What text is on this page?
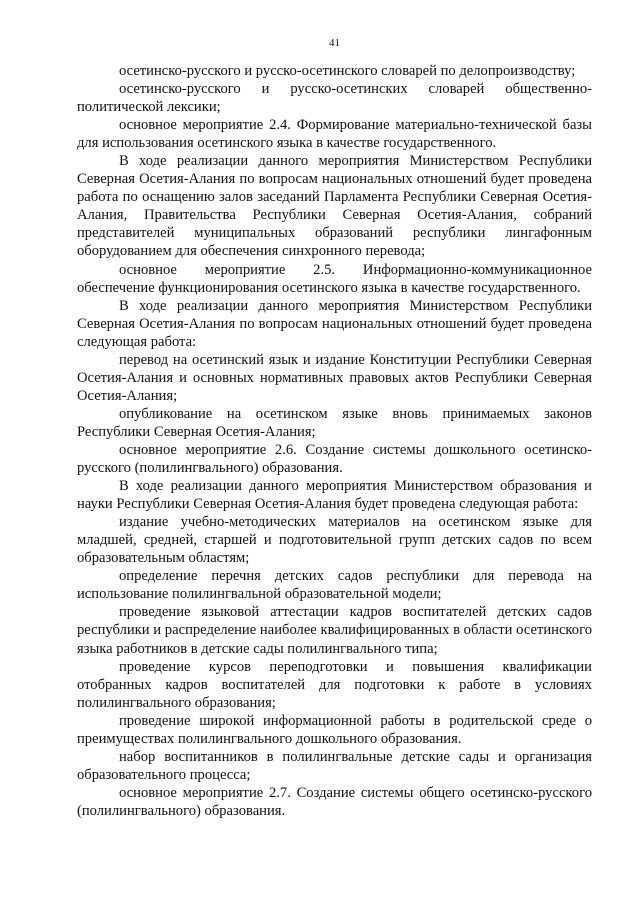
41

осетинско-русского и русско-осетинского словарей по делопроизводству;

осетинско-русского и русско-осетинских словарей общественно-политической лексики;

основное мероприятие 2.4. Формирование материально-технической базы для использования осетинского языка в качестве государственного.

В ходе реализации данного мероприятия Министерством Республики Северная Осетия-Алания по вопросам национальных отношений будет проведена работа по оснащению залов заседаний Парламента Республики Северная Осетия-Алания, Правительства Республики Северная Осетия-Алания, собраний представителей муниципальных образований республики лингафонным оборудованием для обеспечения синхронного перевода;

основное мероприятие 2.5. Информационно-коммуникационное обеспечение функционирования осетинского языка в качестве государственного.

В ходе реализации данного мероприятия Министерством Республики Северная Осетия-Алания по вопросам национальных отношений будет проведена следующая работа:

перевод на осетинский язык и издание Конституции Республики Северная Осетия-Алания и основных нормативных правовых актов Республики Северная Осетия-Алания;

опубликование на осетинском языке вновь принимаемых законов Республики Северная Осетия-Алания;

основное мероприятие 2.6. Создание системы дошкольного осетинско-русского (полилингвального) образования.

В ходе реализации данного мероприятия Министерством образования и науки Республики Северная Осетия-Алания будет проведена следующая работа:

издание учебно-методических материалов на осетинском языке для младшей, средней, старшей и подготовительной групп детских садов по всем образовательным областям;

определение перечня детских садов республики для перевода на использование полилингвальной образовательной модели;

проведение языковой аттестации кадров воспитателей детских садов республики и распределение наиболее квалифицированных в области осетинского языка работников в детские сады полилингвального типа;

проведение курсов переподготовки и повышения квалификации отобранных кадров воспитателей для подготовки к работе в условиях полилингвального образования;

проведение широкой информационной работы в родительской среде о преимуществах полилингвального дошкольного образования.

набор воспитанников в полилингвальные детские сады и организация образовательного процесса;

основное мероприятие 2.7. Создание системы общего осетинско-русского (полилингвального) образования.
